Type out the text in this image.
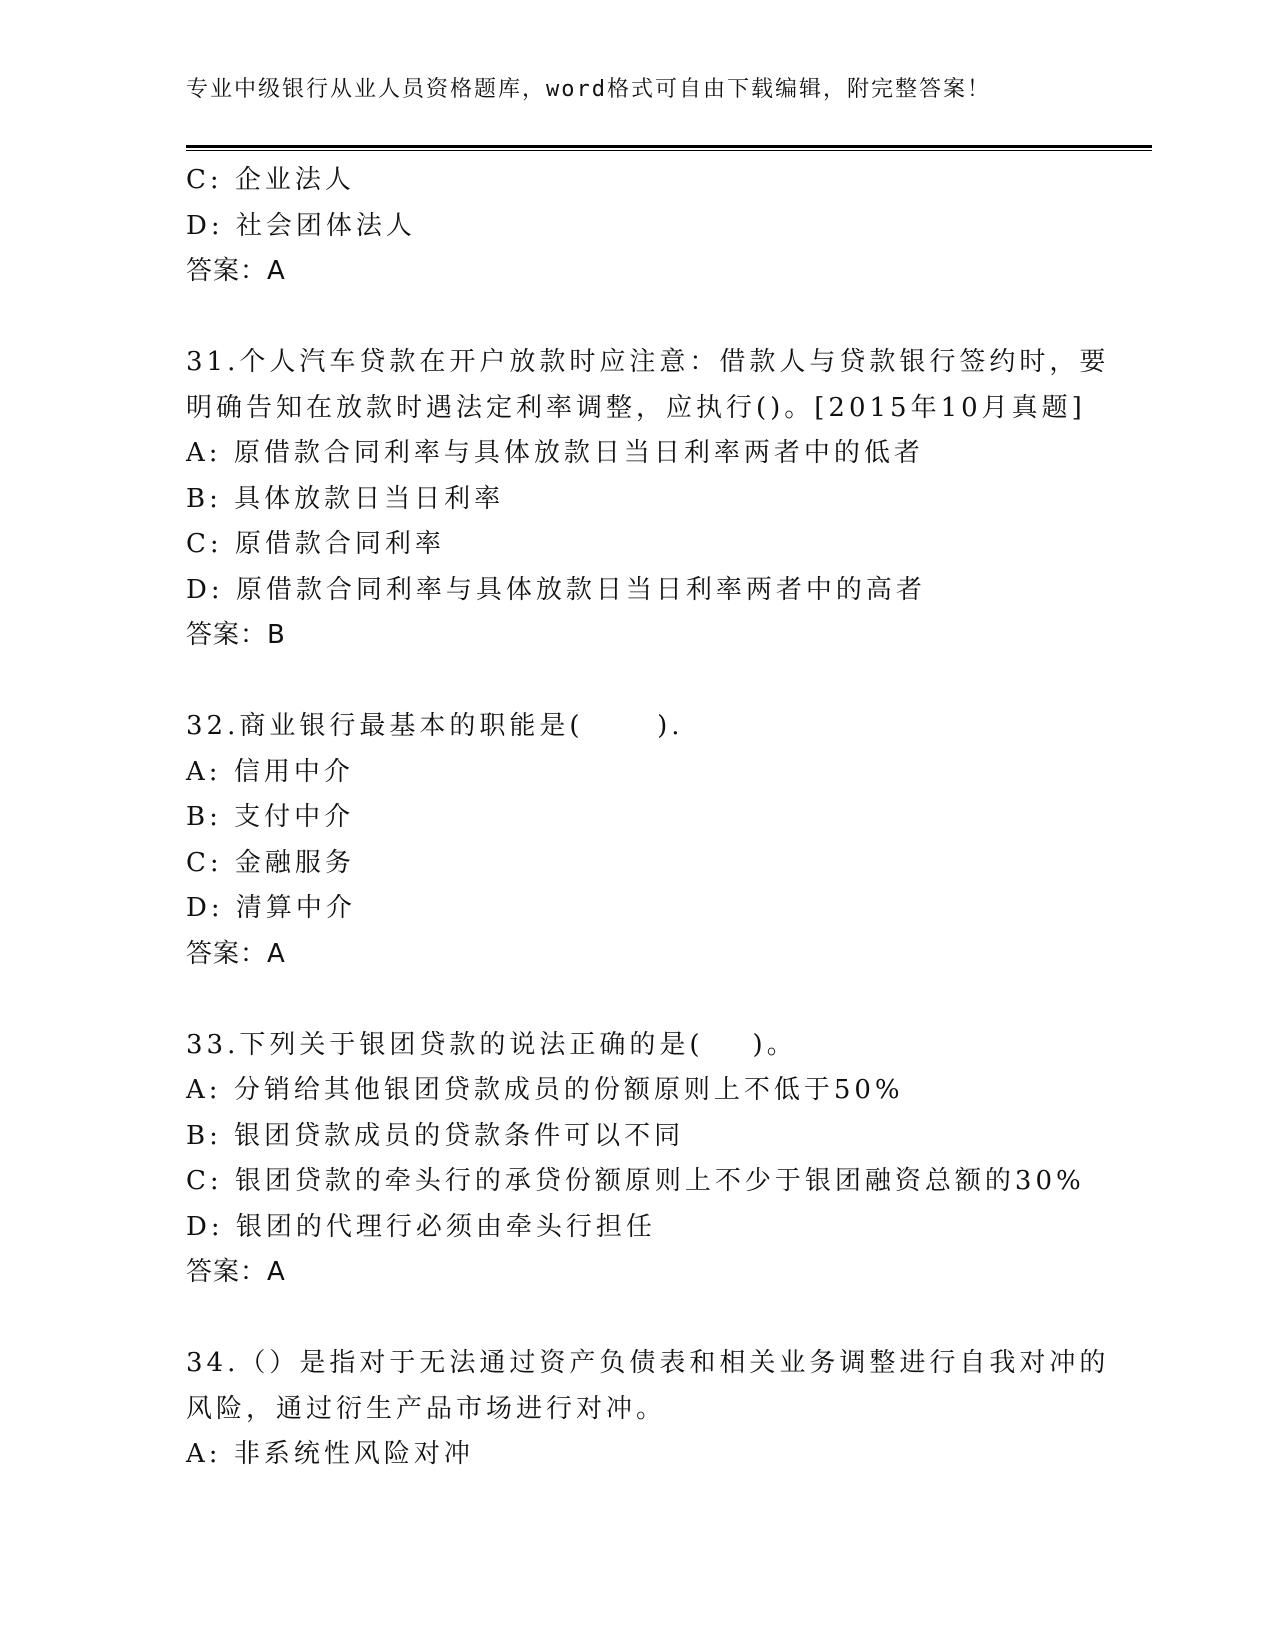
专业中级银行从业人员资格题库，word格式可自由下载编辑，附完整答案！
C: 企业法人
D: 社会团体法人
答案：A
31.个人汽车贷款在开户放款时应注意：借款人与贷款银行签约时，要
明确告知在放款时遇法定利率调整，应执行()。[2015年10月真题]
A: 原借款合同利率与具体放款日当日利率两者中的低者
B: 具体放款日当日利率
C: 原借款合同利率
D: 原借款合同利率与具体放款日当日利率两者中的高者
答案：B
32.商业银行最基本的职能是(      ).
A: 信用中介
B: 支付中介
C: 金融服务
D: 清算中介
答案：A
33.下列关于银团贷款的说法正确的是(    )。
A: 分销给其他银团贷款成员的份额原则上不低于50%
B: 银团贷款成员的贷款条件可以不同
C: 银团贷款的牵头行的承贷份额原则上不少于银团融资总额的30%
D: 银团的代理行必须由牵头行担任
答案：A
34.（）是指对于无法通过资产负债表和相关业务调整进行自我对冲的
风险，通过衍生产品市场进行对冲。
A: 非系统性风险对冲
